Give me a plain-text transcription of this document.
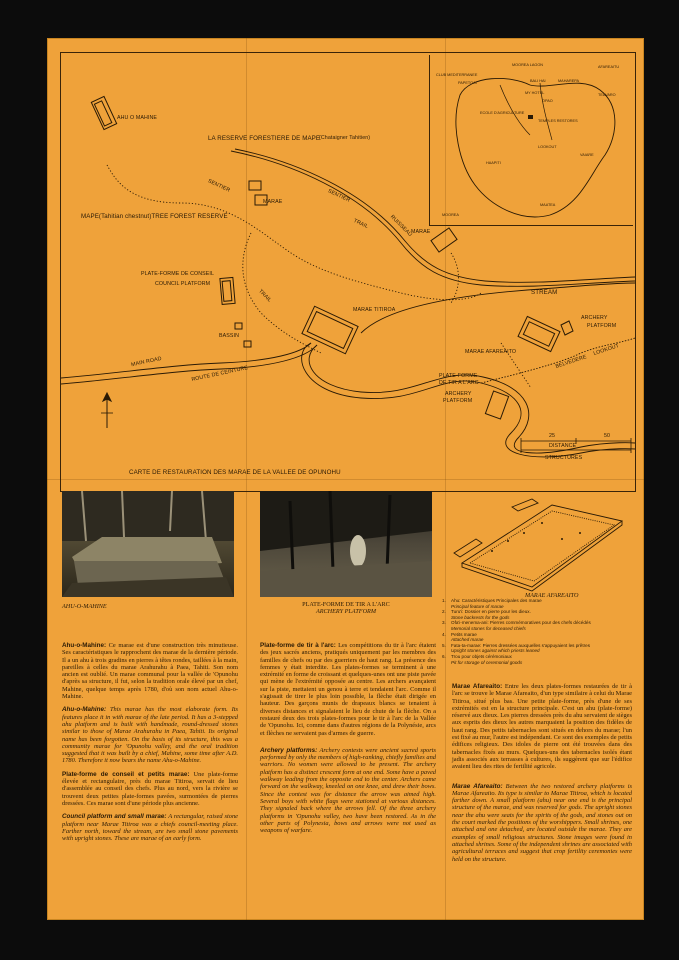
CLUB MEDITERRANEE
PAPETOAI
MOOREA LAGON
BALI HAI	MAHAREPA
AFAREAITU
TEAVARO
MY HOTEL
OPAO
ECOLE D'AGRICULTURE
TEMPLES RESTORES
LOOKOUT
VAIARE
HAAPITI
MOOREA
MAATEA
AHU O MAHINE
LA RESERVE FORESTIERE DE MAPE
(Chataigner Tahitien)
SENTIER
TRAIL
SENTIER
MAPE(Tahitian chestnut)TREE FOREST RESERVE
MARAE
MARAE
RUISSEAU
STREAM
PLATE-FORME DE CONSEIL
COUNCIL PLATFORM
TRAIL
MARAE TITIROA
BASSIN
MAIN ROAD
ROUTE DE CEINTURE
MARAE AFAREAITO
ARCHERY
PLATFORM
BELVEDERE
LOOKOUT
PLATE-FORME
DE TIR A L'ARC
ARCHERY
PLATFORM
25	50
DISTANCE
STRUCTURES
CARTE DE RESTAURATION DES MARAE DE LA VALLEE DE OPUNOHU
AHU-O-MAHINE	PLATE-FORME DE TIR A L'ARC
ARCHERY PLATFORM
MARAE AFAREAITO
1.	Ahu: Caractéristiques Principales des marae
Principal feature of marae
2.	Turu'i: Dossier en pierre pour les dieux.
Stone backrests for the gods
3.	Ofa'i-menema-ani: Pierres commémoratives pour des chefs décédés
Memorial stones for deceased chiefs
4.	Petits marae
Attached marae
5.	Fata-ta-marae: Pierres dressées auxquelles s'appuyaient les prêtres
Upright stones against which priests leaned
6.	Trou pour objets cérémoniaux
Pit for storage of ceremonial goods

Ahu-o-Mahine: Ce marae est d'une construction très minutieuse. Ses caractéristiques le rapprochent des marae de la dernière période. Il a un ahu à trois gradins en pierres à têtes rondes, taillées à la main, pareilles à celles du marae Arahurahu à Paea, Tahiti. Son nom ancien est oublié. Un marae communal pour la vallée de 'Opunohu d'après sa structure, il fut, selon la tradition orale élevé par un chef, Mahine, quelque temps après 1780, d'où son nom actuel Ahu-o-Mahine.

Ahu-o-Mahine: This marae has the most elaborate form. Its features place it in with marae of the late period. It has a 3-stepped ahu platform and is built with handmade, round-dressed stones similar to those of Marae Arahurahu in Paea, Tahiti. Its original name has been forgotten. On the basis of its structure, this was a community marae for 'Opunohu valley, and the oral tradition suggested that it was built by a chief, Mahine, some time after A.D. 1780. Therefore it now bears the name Ahu-o-Mahine.

Plate-forme de conseil et petits marae: Une plate-forme élevée et rectangulaire, près du marae Titiroa, servait de lieu d'assemblée au conseil des chefs. Plus au nord, vers la rivière se trouvent deux petites plate-formes pavées, surmontées de pierres dressées. Ces marae sont d'une période plus ancienne.

Council platform and small marae: A rectangular, raised stone platform near Marae Titiroa was a chiefs council-meeting place. Farther north, toward the stream, are two small stone pavements with upright stones. These are marae of an early form.

Plate-forme de tir à l'arc: Les compétitions du tir à l'arc étaient des jeux sacrés anciens, pratiqués uniquement par les membres des familles de chefs ou par des guerriers de haut rang. La présence des femmes y était interdite. Les plates-formes se terminent à une extrémité en forme de croissant et quelques-unes ont une piste pavée qui mène de l'extrémité opposée au centre. Les archers avançaient sur la piste, mettaient un genou à terre et tendaient l'arc. Comme il s'agissait de tirer le plus loin possible, la flèche était dirigée en hauteur. Des garçons munis de drapeaux blancs se tenaient à diverses distances et signalaient le lieu de chute de la flèche. On a restauré deux des trois plates-formes pour le tir à l'arc de la Vallée de 'Opunohu. Ici, comme dans d'autres régions de la Polynésie, arcs et flèches ne servaient pas d'armes de guerre.

Archery platforms: Archery contests were ancient sacred sports performed by only the members of high-ranking, chiefly families and warriors. No women were allowed to be present. The archery platform has a distinct crescent form at one end. Some have a paved walkway leading from the opposite end to the center. Archers came forward on the walkway, kneeled on one knee, and drew their bows. Since the contest was for distance the arrow was aimed high. Several boys with white flags were stationed at various distances. They signaled back where the arrows fell. Of the three archery platforms in 'Opunohu valley, two have been restored. As in the other parts of Polynesia, bows and arrows were not used as weapons of warfare.

Marae Afareaito: Entre les deux plates-formes restaurées de tir à l'arc se trouve le Marae Afareaito, d'un type similaire à celui du Marae Titiroa, situé plus bas. Une petite plate-forme, près d'une de ses extrémités est en la structure principale. C'est un ahu (plate-forme) réservé aux dieux. Les pierres dressées près du ahu servaient de sièges aux esprits des dieux les autres marquaient la position des fidèles de haut rang. Des petits tabernacles sont situés en dehors du marae; l'un est fixé au mur, l'autre est indépendant. Ce sont des exemples de petits édifices religieux. Des idoles de pierre ont été trouvées dans des tabernacles fixés au murs. Quelques-uns des tabernacles isolés étant jadis associés aux terrasses à cultures, ils suggèrent que sur l'édifice avaient lieu des rites de fertilité agricole.

Marae Afareaito: Between the two restored archery platforms is Marae Afareaito. Its type is similar to Marae Titiroa, which is located farther down. A small platform (ahu) near one end is the principal structure of the marae, and was reserved for gods. The upright stones near the ahu were seats for the spirits of the gods, and stones out on the court marked the positions of the worshippers. Small shrines, one attached and one detached, are located outside the marae. They are examples of small religious structures. Stone images were found in attached shrines. Some of the independent shrines are associated with agricultural terraces and suggest that crop fertility ceremonies were held on the structure.
